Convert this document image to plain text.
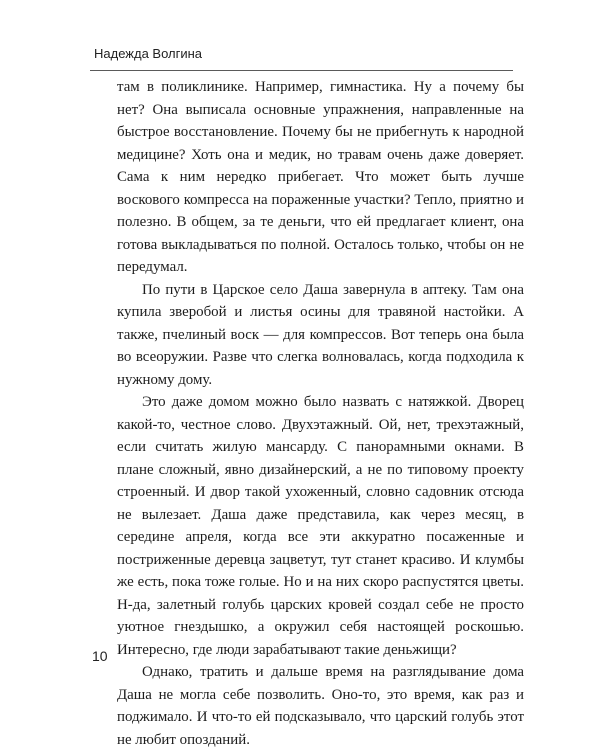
Надежда Волгина

там в поликлинике. Например, гимнастика. Ну а почему бы нет? Она выписала основные упражнения, направленные на быстрое восстановление. Почему бы не прибегнуть к народной медицине? Хоть она и медик, но травам очень даже доверяет. Сама к ним нередко прибегает. Что может быть лучше воскового компресса на пораженные участки? Тепло, приятно и полезно. В общем, за те деньги, что ей предлагает клиент, она готова выкладываться по полной. Осталось только, чтобы он не передумал.

По пути в Царское село Даша завернула в аптеку. Там она купила зверобой и листья осины для травяной настойки. А также, пчелиный воск — для компрессов. Вот теперь она была во всеоружии. Разве что слегка волновалась, когда подходила к нужному дому.

Это даже домом можно было назвать с натяжкой. Дворец какой-то, честное слово. Двухэтажный. Ой, нет, трехэтажный, если считать жилую мансарду. С панорамными окнами. В плане сложный, явно дизайнерский, а не по типовому проекту строенный. И двор такой ухоженный, словно садовник отсюда не вылезает. Даша даже представила, как через месяц, в середине апреля, когда все эти аккуратно посаженные и постриженные деревца зацветут, тут станет красиво. И клумбы же есть, пока тоже голые. Но и на них скоро распустятся цветы. Н-да, залетный голубь царских кровей создал себе не просто уютное гнездышко, а окружил себя настоящей роскошью. Интересно, где люди зарабатывают такие деньжищи?

Однако, тратить и дальше время на разглядывание дома Даша не могла себе позволить. Оно-то, это время, как раз и поджимало. И что-то ей подсказывало, что царский голубь этот не любит опозданий.

10
